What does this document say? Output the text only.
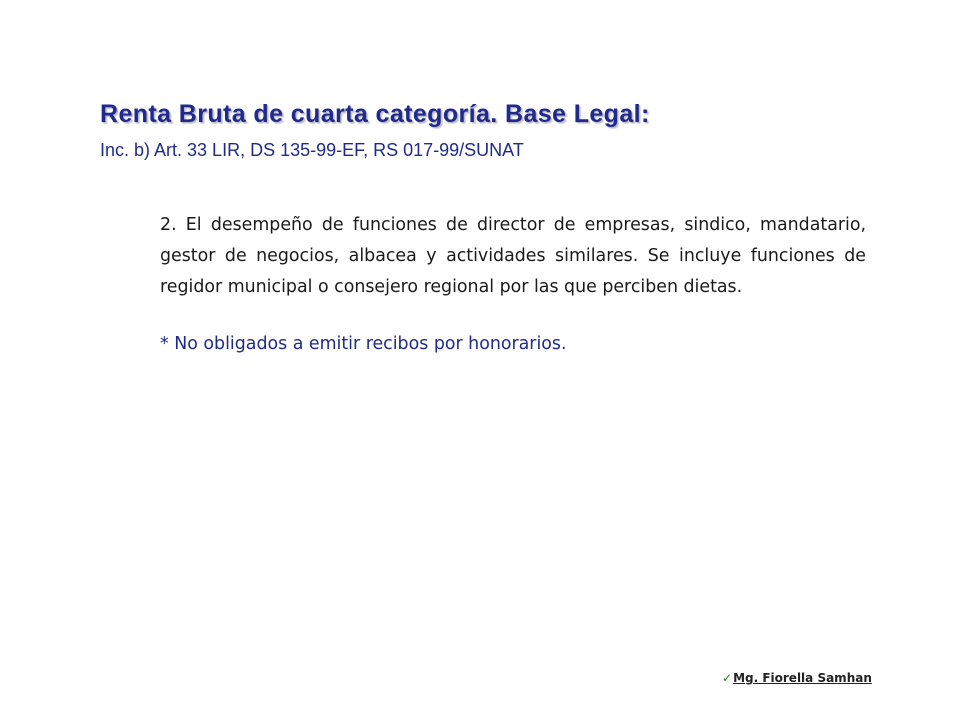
Renta Bruta de cuarta categoría. Base Legal:

Inc. b) Art. 33 LIR, DS 135-99-EF, RS 017-99/SUNAT

2. El desempeño de funciones de director de empresas, sindico, mandatario, gestor de negocios, albacea y actividades similares. Se incluye funciones de regidor municipal o consejero regional por las que perciben dietas.

* No obligados a emitir recibos por honorarios.

✓Mg. Fiorella Samhan
